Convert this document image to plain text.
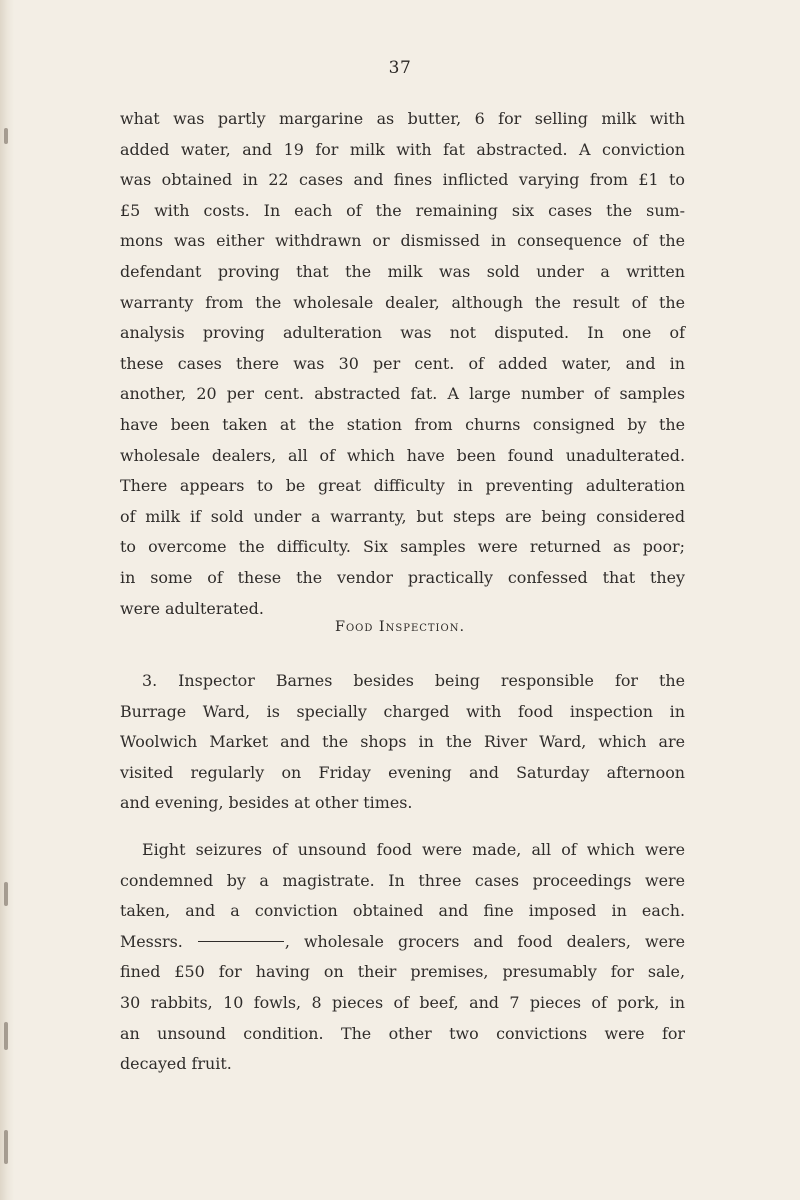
37
what was partly margarine as butter, 6 for selling milk with
added water, and 19 for milk with fat abstracted. A conviction
was obtained in 22 cases and fines inflicted varying from £1 to
£5 with costs. In each of the remaining six cases the sum-
mons was either withdrawn or dismissed in consequence of the
defendant proving that the milk was sold under a written
warranty from the wholesale dealer, although the result of the
analysis proving adulteration was not disputed. In one of
these cases there was 30 per cent. of added water, and in
another, 20 per cent. abstracted fat. A large number of samples
have been taken at the station from churns consigned by the
wholesale dealers, all of which have been found unadulterated.
There appears to be great difficulty in preventing adulteration
of milk if sold under a warranty, but steps are being considered
to overcome the difficulty. Six samples were returned as poor;
in some of these the vendor practically confessed that they
were adulterated.
Food Inspection.
3. Inspector Barnes besides being responsible for the
Burrage Ward, is specially charged with food inspection in
Woolwich Market and the shops in the River Ward, which are
visited regularly on Friday evening and Saturday afternoon
and evening, besides at other times.
Eight seizures of unsound food were made, all of which were
condemned by a magistrate. In three cases proceedings were
taken, and a conviction obtained and fine imposed in each.
Messrs.	, wholesale grocers and food dealers, were
fined £50 for having on their premises, presumably for sale,
30 rabbits, 10 fowls, 8 pieces of beef, and 7 pieces of pork, in
an unsound condition. The other two convictions were for
decayed fruit.
